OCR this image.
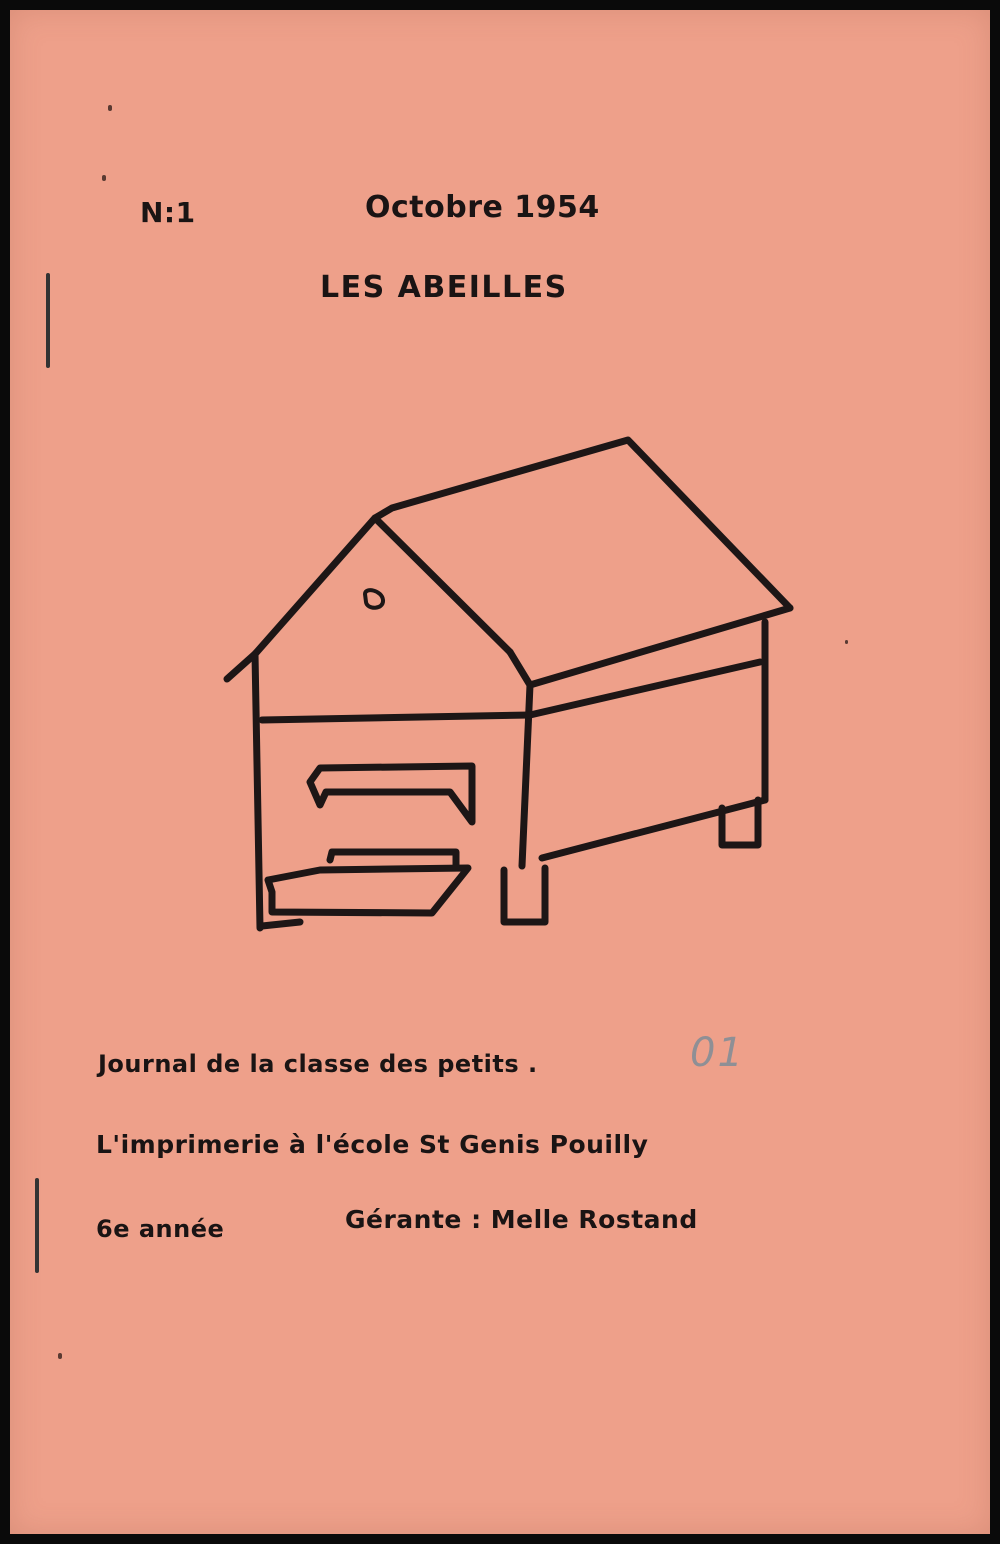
N:1	Octobre 1954
LES ABEILLES
01
Journal de la classe des petits .
L'imprimerie à l'école St Genis Pouilly
6e année	Gérante : Melle Rostand
